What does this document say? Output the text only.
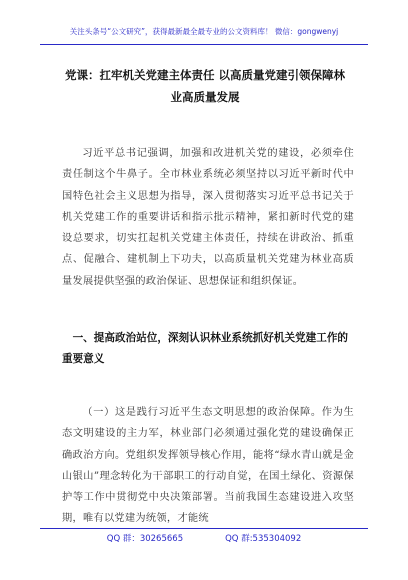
关注头条号“公文研究”，获得最新最全最专业的公文资料库！ 微信：gongwenyj
党课：扛牢机关党建主体责任 以高质量党建引领保障林业高质量发展

习近平总书记强调，加强和改进机关党的建设，必须牵住责任制这个牛鼻子。全市林业系统必须坚持以习近平新时代中国特色社会主义思想为指导，深入贯彻落实习近平总书记关于机关党建工作的重要讲话和指示批示精神，紧扣新时代党的建设总要求，切实扛起机关党建主体责任，持续在讲政治、抓重点、促融合、建机制上下功夫，以高质量机关党建为林业高质量发展提供坚强的政治保证、思想保证和组织保证。

一、提高政治站位，深刻认识林业系统抓好机关党建工作的重要意义

（一）这是践行习近平生态文明思想的政治保障。作为生态文明建设的主力军，林业部门必须通过强化党的建设确保正确政治方向。党组织发挥领导核心作用，能将“绿水青山就是金山银山”理念转化为干部职工的行动自觉，在国土绿化、资源保护等工作中贯彻党中央决策部署。当前我国生态建设进入攻坚期，唯有以党建为统领，才能统

QQ 群：30265665	QQ 群:535304092
